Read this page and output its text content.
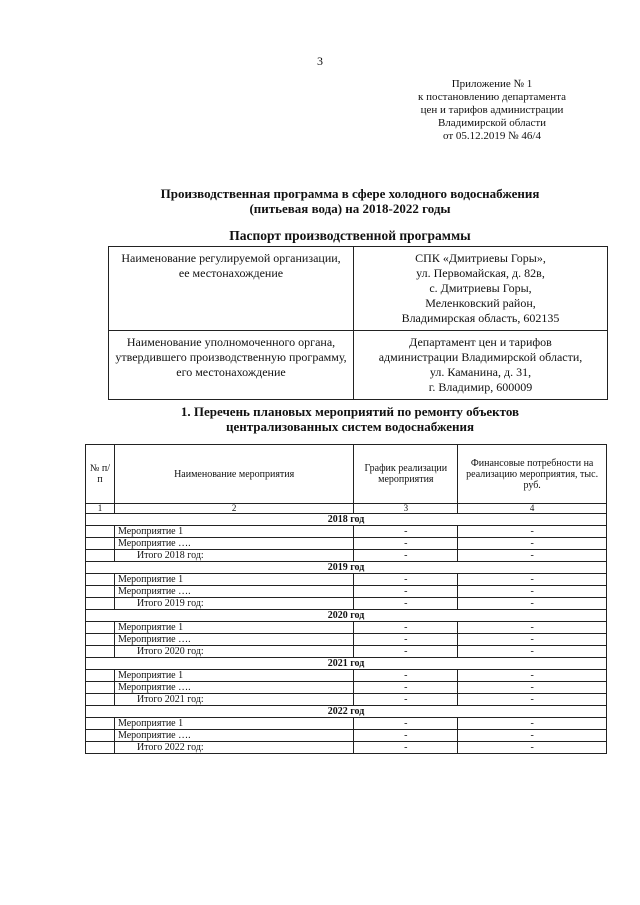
3
Приложение № 1
к постановлению департамента
цен и тарифов администрации
Владимирской области
от 05.12.2019 № 46/4
Производственная программа в сфере холодного водоснабжения
(питьевая вода) на 2018-2022 годы
Паспорт производственной программы
Наименование регулируемой организации, ее местонахождение	СПК «Дмитриевы Горы»,
ул. Первомайская, д. 82в,
с. Дмитриевы Горы,
Меленковский район,
Владимирская область, 602135

Наименование уполномоченного органа, утвердившего производственную программу, его местонахождение	Департамент цен и тарифов
администрации Владимирской области,
ул. Каманина, д. 31,
г. Владимир, 600009
1. Перечень плановых мероприятий по ремонту объектов
централизованных систем водоснабжения
№ п/п	Наименование мероприятия	График реализации мероприятия	Финансовые потребности на реализацию мероприятия, тыс. руб.
1	2	3	4
2018 год			
	Мероприятие 1	-	-
	Мероприятие ….	-	-
	Итого 2018 год:	-	-
2019 год			
	Мероприятие 1	-	-
	Мероприятие ….	-	-
	Итого 2019 год:	-	-
2020 год			
	Мероприятие 1	-	-
	Мероприятие ….	-	-
	Итого 2020 год:	-	-
2021 год			
	Мероприятие 1	-	-
	Мероприятие ….	-	-
	Итого 2021 год:	-	-
2022 год			
	Мероприятие 1	-	-
	Мероприятие ….	-	-
	Итого 2022 год:	-	-
